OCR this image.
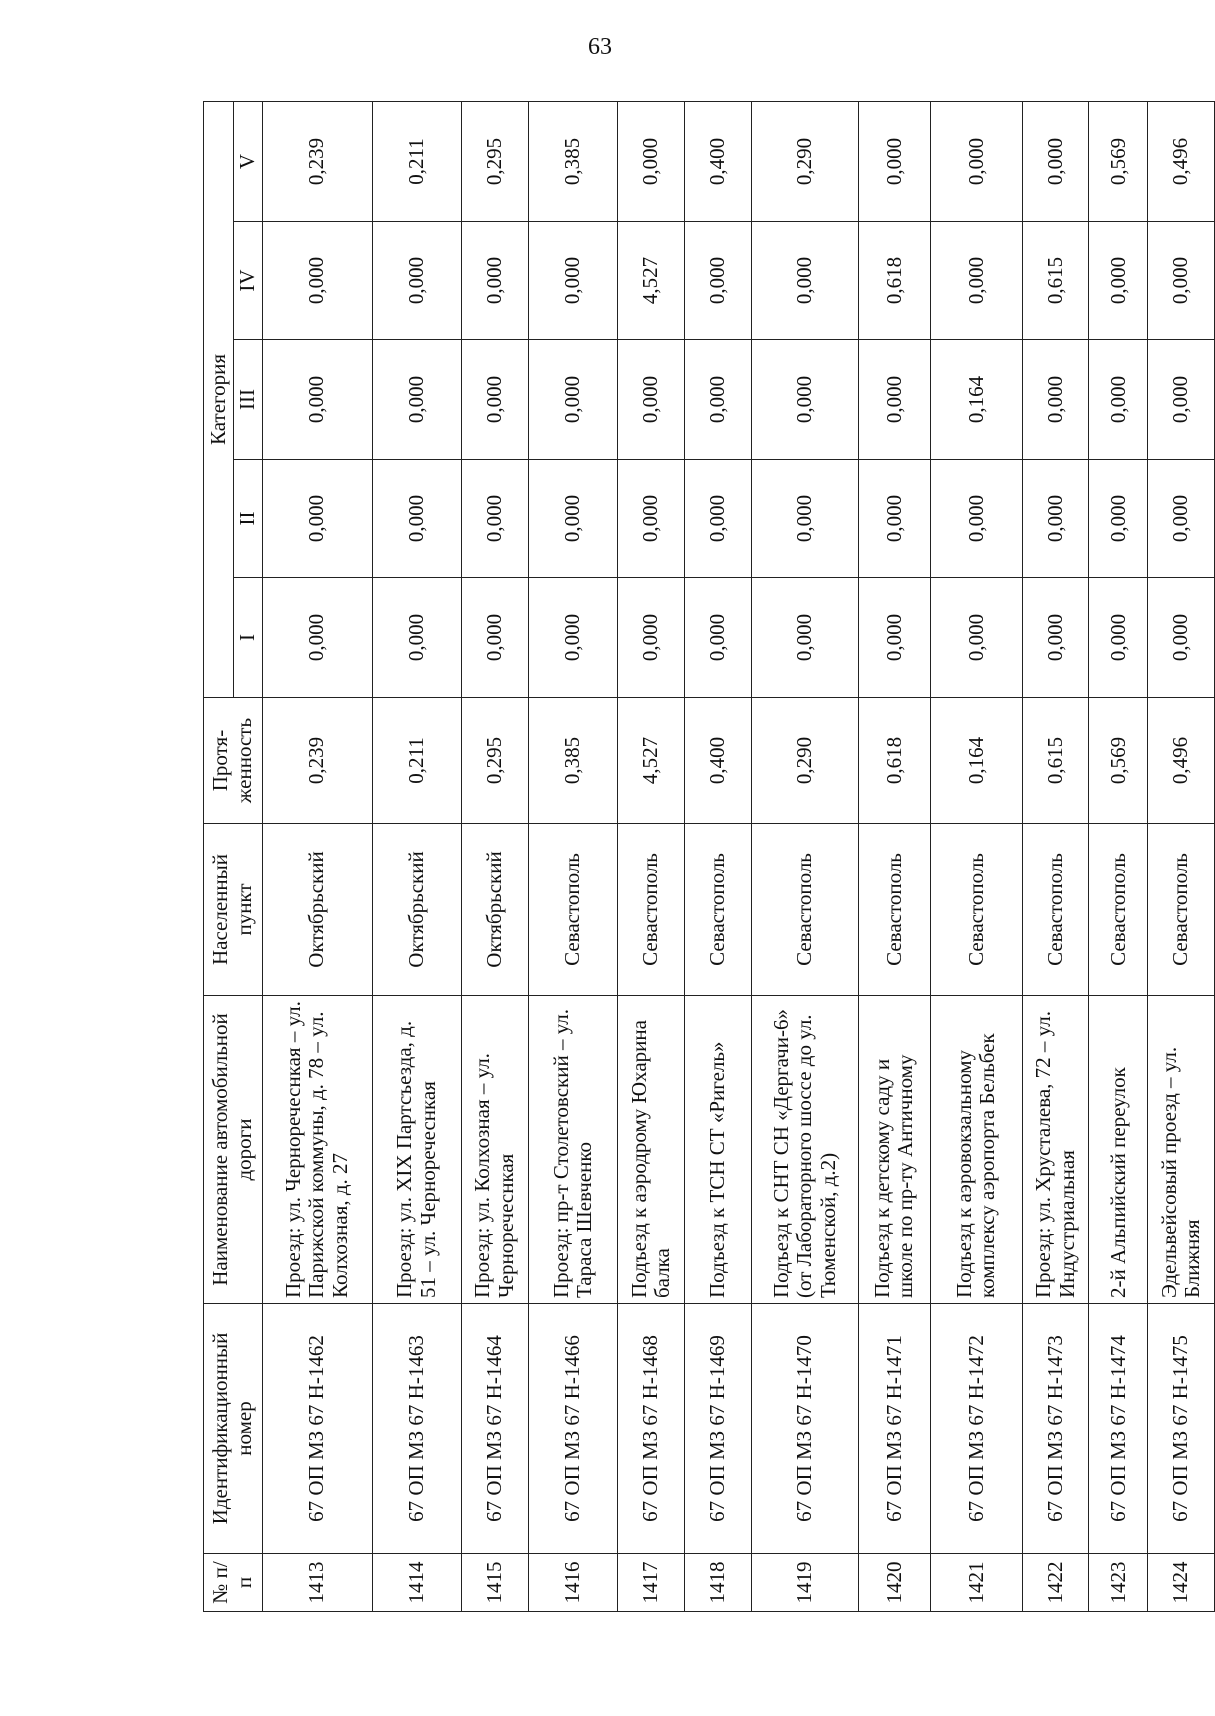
63
№ п/п	Идентификационный номер	Наименование автомобильной дороги	Населенный пункт	Протя-женность	Категория				
					I	II	III	IV	V
1413	67 ОП МЗ 67 Н-1462	Проезд: ул. Черноречеснкая – ул. Парижской коммуны, д. 78 – ул. Колхозная, д. 27	Октябрьский	0,239	0,000	0,000	0,000	0,000	0,239
1414	67 ОП МЗ 67 Н-1463	Проезд: ул. XIX Партсъезда, д. 51 – ул. Черноречеснкая	Октябрьский	0,211	0,000	0,000	0,000	0,000	0,211
1415	67 ОП МЗ 67 Н-1464	Проезд: ул. Колхозная – ул. Черноречеснкая	Октябрьский	0,295	0,000	0,000	0,000	0,000	0,295
1416	67 ОП МЗ 67 Н-1466	Проезд: пр-т Столетовский – ул. Тараса Шевченко	Севастополь	0,385	0,000	0,000	0,000	0,000	0,385
1417	67 ОП МЗ 67 Н-1468	Подъезд к аэродрому Юхарина балка	Севастополь	4,527	0,000	0,000	0,000	4,527	0,000
1418	67 ОП МЗ 67 Н-1469	Подъезд к ТСН СТ «Ригель»	Севастополь	0,400	0,000	0,000	0,000	0,000	0,400
1419	67 ОП МЗ 67 Н-1470	Подъезд к СНТ СН «Дергачи-6» (от Лабораторного шоссе до ул. Тюменской, д.2)	Севастополь	0,290	0,000	0,000	0,000	0,000	0,290
1420	67 ОП МЗ 67 Н-1471	Подъезд к детскому саду и школе по пр-ту Античному	Севастополь	0,618	0,000	0,000	0,000	0,618	0,000
1421	67 ОП МЗ 67 Н-1472	Подъезд к аэровокзальному комплексу аэропорта Бельбек	Севастополь	0,164	0,000	0,000	0,164	0,000	0,000
1422	67 ОП МЗ 67 Н-1473	Проезд: ул. Хрусталева, 72 – ул. Индустриальная	Севастополь	0,615	0,000	0,000	0,000	0,615	0,000
1423	67 ОП МЗ 67 Н-1474	2-й Альпийский переулок	Севастополь	0,569	0,000	0,000	0,000	0,000	0,569
1424	67 ОП МЗ 67 Н-1475	Эдельвейсовый проезд – ул. Ближняя	Севастополь	0,496	0,000	0,000	0,000	0,000	0,496
